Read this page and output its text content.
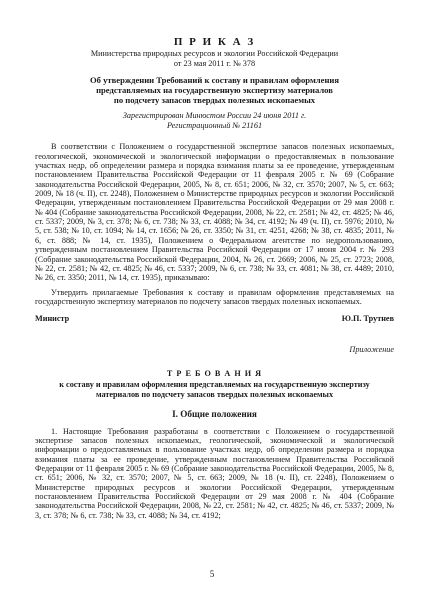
П Р И К А З

Министерства природных ресурсов и экологии Российской Федерации

от 23 мая 2011 г. № 378

Об утверждении Требований к составу и правилам оформления

представляемых на государственную экспертизу материалов

по подсчету запасов твердых полезных ископаемых

Зарегистрирован Минюстом России 24 июня 2011 г.

Регистрационный № 21161

В соответствии с Положением о государственной экспертизе запасов полезных ископаемых, геологической, экономической и экологической информации о предоставляемых в пользование участках недр, об определении размера и порядка взимания платы за ее проведение, утвержденным постановлением Правительства Российской Федерации от 11 февраля 2005 г. № 69 (Собрание законодательства Российской Федерации, 2005, № 8, ст. 651; 2006, № 32, ст. 3570; 2007, № 5, ст. 663; 2009, № 18 (ч. II), ст. 2248), Положением о Министерстве природных ресурсов и экологии Российской Федерации, утвержденным постановлением Правительства Российской Федерации от 29 мая 2008 г. № 404 (Собрание законодательства Российской Федерации, 2008, № 22, ст. 2581; № 42, ст. 4825; № 46, ст. 5337; 2009, № 3, ст. 378; № 6, ст. 738; № 33, ст. 4088; № 34, ст. 4192; № 49 (ч. II), ст. 5976; 2010, № 5, ст. 538; № 10, ст. 1094; № 14, ст. 1656; № 26, ст. 3350; № 31, ст. 4251, 4268; № 38, ст. 4835; 2011, № 6, ст. 888; № 14, ст. 1935), Положением о Федеральном агентстве по недропользованию, утвержденным постановлением Правительства Российской Федерации от 17 июня 2004 г. № 293 (Собрание законодательства Российской Федерации, 2004, № 26, ст. 2669; 2006, № 25, ст. 2723; 2008, № 22, ст. 2581; № 42, ст. 4825; № 46, ст. 5337; 2009, № 6, ст. 738; № 33, ст. 4081; № 38, ст. 4489; 2010, № 26, ст. 3350; 2011, № 14, ст. 1935), приказываю:

Утвердить прилагаемые Требования к составу и правилам оформления представляемых на государственную экспертизу материалов по подсчету запасов твердых полезных ископаемых.

Министр	Ю.П. Трутнев

Приложение

Т Р Е Б О В А Н И Я

к составу и правилам оформления представляемых на государственную экспертизу

материалов по подсчету запасов твердых полезных ископаемых

I. Общие положения

1. Настоящие Требования разработаны в соответствии с Положением о государственной экспертизе запасов полезных ископаемых, геологической, экономической и экологической информации о предоставляемых в пользование участках недр, об определении размера и порядка взимания платы за ее проведение, утвержденным постановлением Правительства Российской Федерации от 11 февраля 2005 г. № 69 (Собрание законодательства Российской Федерации, 2005, № 8, ст. 651; 2006, № 32, ст. 3570; 2007, № 5, ст. 663; 2009, № 18 (ч. II), ст. 2248), Положением о Министерстве природных ресурсов и экологии Российской Федерации, утвержденным постановлением Правительства Российской Федерации от 29 мая 2008 г. № 404 (Собрание законодательства Российской Федерации, 2008, № 22, ст. 2581; № 42, ст. 4825; № 46, ст. 5337; 2009, № 3, ст. 378; № 6, ст. 738; № 33, ст. 4088; № 34, ст. 4192;

5
